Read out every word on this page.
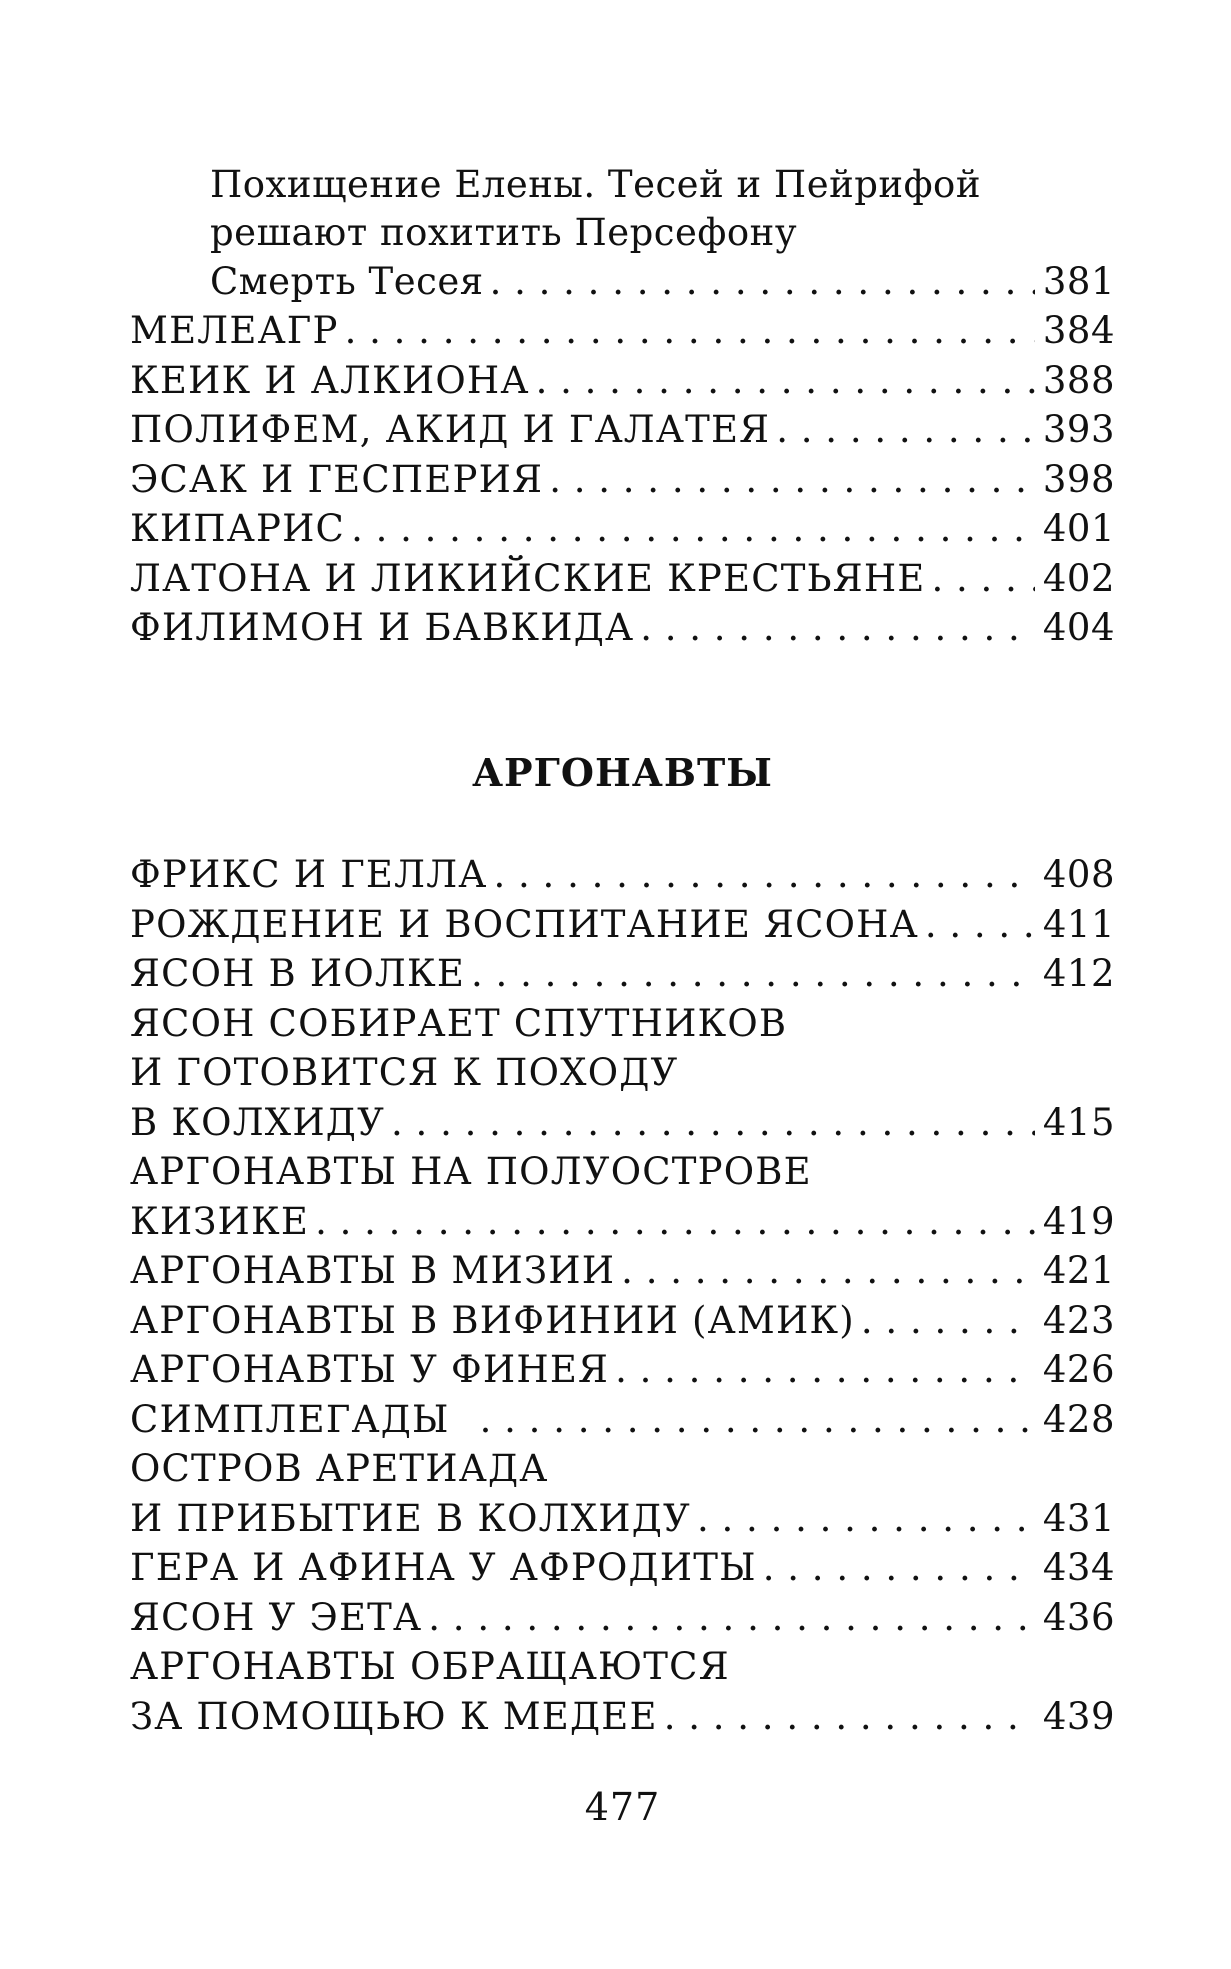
Похищение Елены. Тесей и Пейрифой
решают похитить Персефону
Смерть Тесея . . .	381
МЕЛЕАГР . . .	384
КЕИК И АЛКИОНА . . .	388
ПОЛИФЕМ, АКИД И ГАЛАТЕЯ . . .	393
ЭСАК И ГЕСПЕРИЯ . . .	398
КИПАРИС . . .	401
ЛАТОНА И ЛИКИЙСКИЕ КРЕСТЬЯНЕ . . .	402
ФИЛИМОН И БАВКИДА . . .	404
АРГОНАВТЫ
ФРИКС И ГЕЛЛА . . .	408
РОЖДЕНИЕ И ВОСПИТАНИЕ ЯСОНА . . .	411
ЯСОН В ИОЛКЕ . . .	412
ЯСОН СОБИРАЕТ СПУТНИКОВ
И ГОТОВИТСЯ К ПОХОДУ
В КОЛХИДУ . . .	415
АРГОНАВТЫ НА ПОЛУОСТРОВЕ
КИЗИКЕ . . .	419
АРГОНАВТЫ В МИЗИИ . . .	421
АРГОНАВТЫ В ВИФИНИИ (АМИК) . . .	423
АРГОНАВТЫ У ФИНЕЯ . . .	426
СИМПЛЕГАДЫ . . .	428
ОСТРОВ АРЕТИАДА
И ПРИБЫТИЕ В КОЛХИДУ . . .	431
ГЕРА И АФИНА У АФРОДИТЫ . . .	434
ЯСОН У ЭЕТА . . .	436
АРГОНАВТЫ ОБРАЩАЮТСЯ
ЗА ПОМОЩЬЮ К МЕДЕЕ . . .	439
477
